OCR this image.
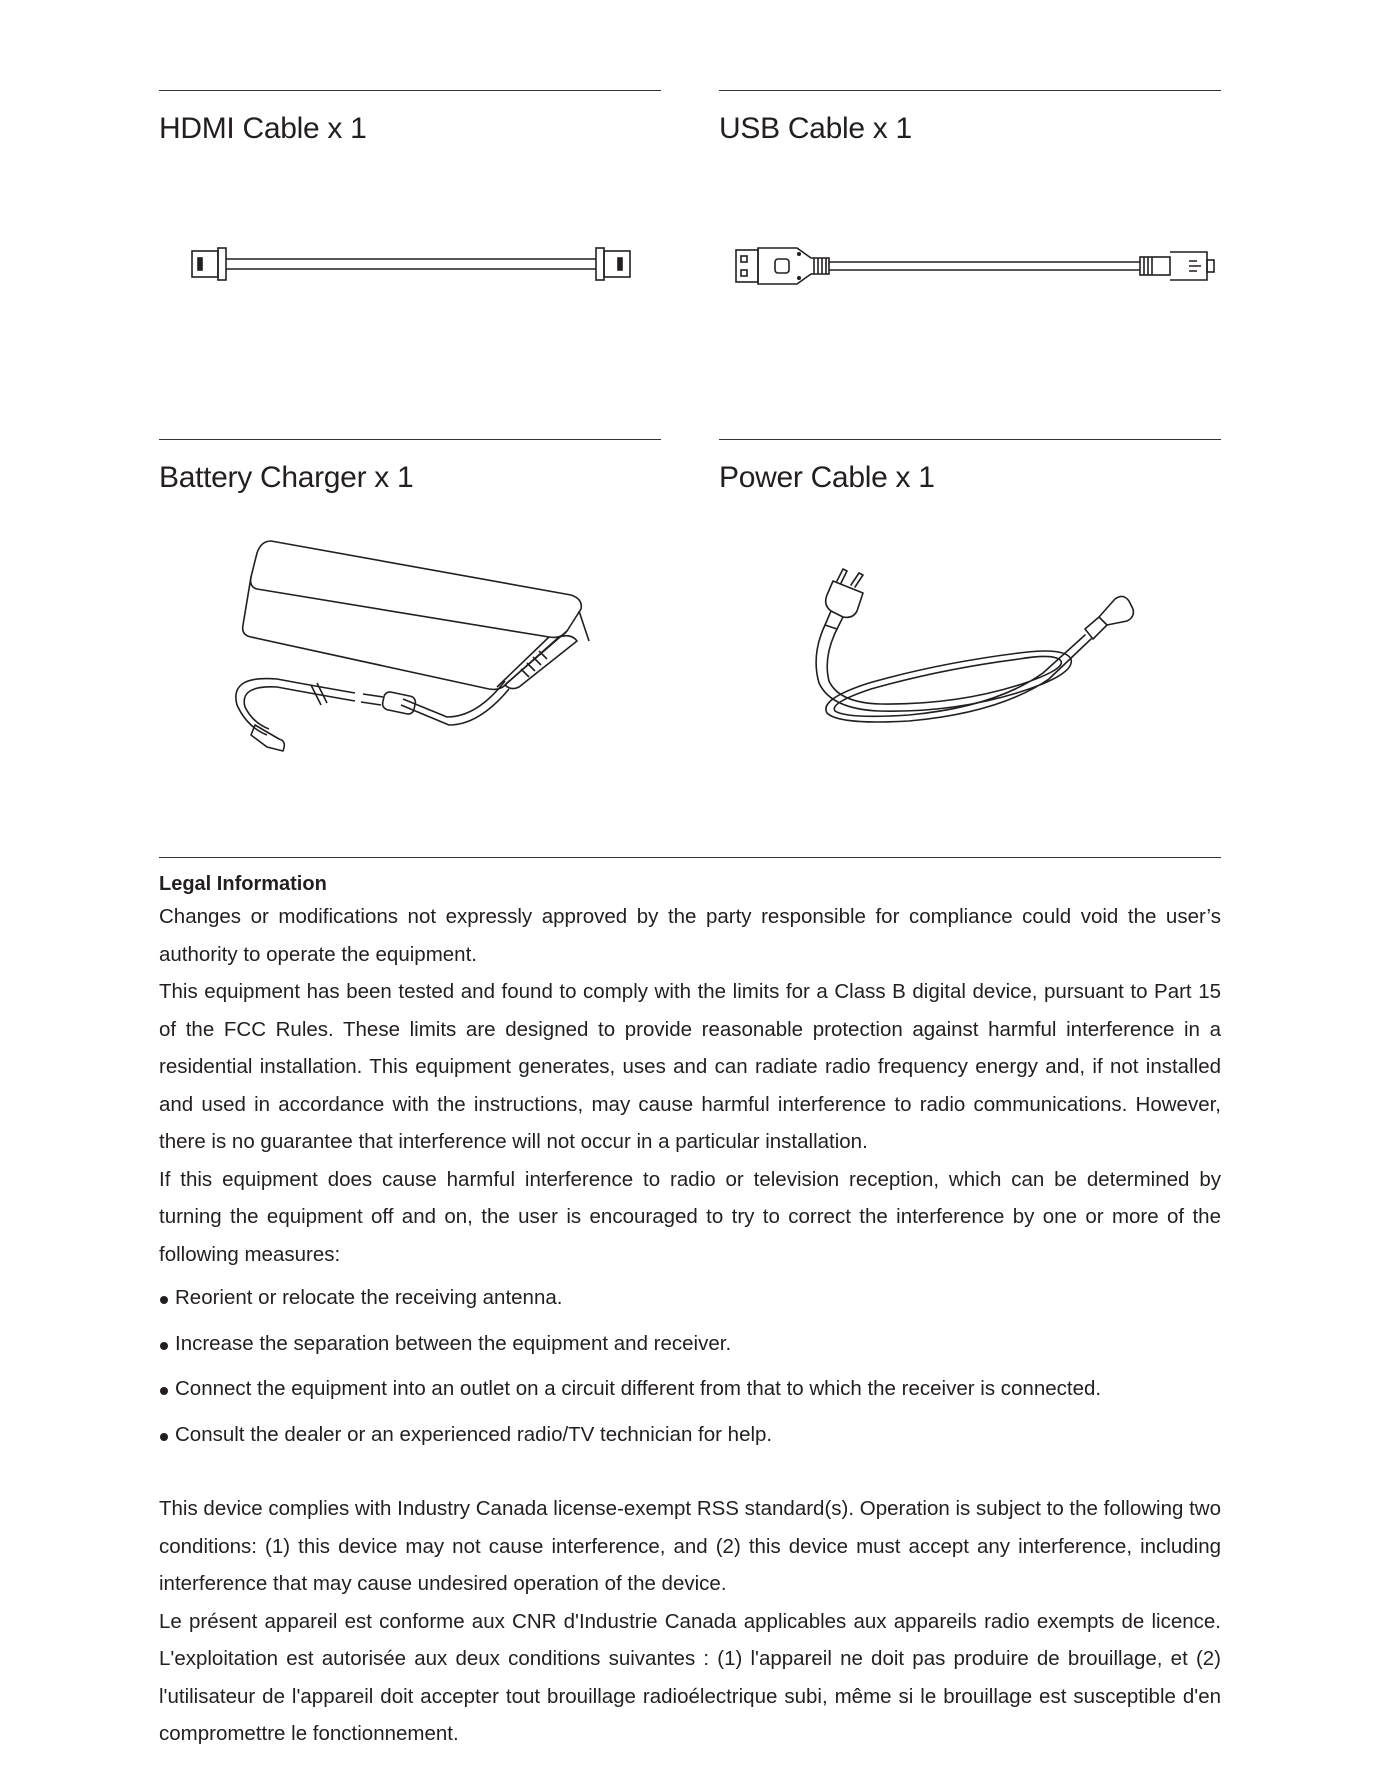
HDMI Cable x 1	USB Cable x 1
Battery Charger x 1	Power Cable x 1
Legal Information

Changes or modifications not expressly approved by the party responsible for compliance could void the user’s authority to operate the equipment.

This equipment has been tested and found to comply with the limits for a Class B digital device, pursuant to Part 15 of the FCC Rules. These limits are designed to provide reasonable protection against harmful interference in a residential installation. This equipment generates, uses and can radiate radio frequency energy and, if not installed and used in accordance with the instructions, may cause harmful interference to radio communications. However, there is no guarantee that interference will not occur in a particular installation.

If this equipment does cause harmful interference to radio or television reception, which can be determined by turning the equipment off and on, the user is encouraged to try to correct the interference by one or more of the following measures:

Reorient or relocate the receiving antenna.
Increase the separation between the equipment and receiver.
Connect the equipment into an outlet on a circuit different from that to which the receiver is connected.
Consult the dealer or an experienced radio/TV technician for help.

This device complies with Industry Canada license-exempt RSS standard(s). Operation is subject to the following two conditions: (1) this device may not cause interference, and (2) this device must accept any interference, including interference that may cause undesired operation of the device.

Le présent appareil est conforme aux CNR d'Industrie Canada applicables aux appareils radio exempts de licence. L'exploitation est autorisée aux deux conditions suivantes : (1) l'appareil ne doit pas produire de brouillage, et (2) l'utilisateur de l'appareil doit accepter tout brouillage radioélectrique subi, même si le brouillage est susceptible d'en compromettre le fonctionnement.
